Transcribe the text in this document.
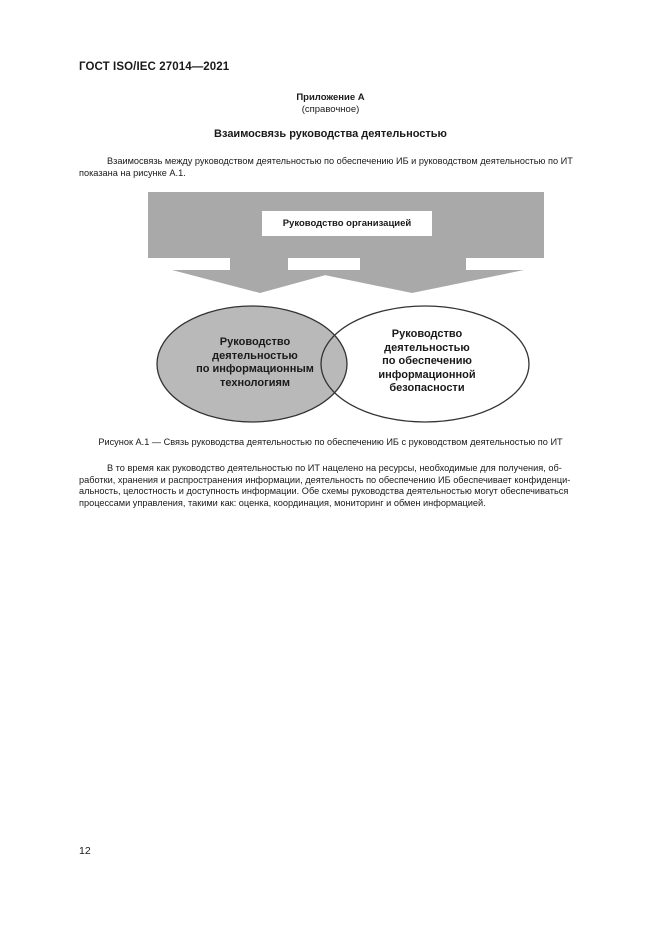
ГОСТ ISO/IEC 27014—2021
Приложение А
(справочное)
Взаимосвязь руководства деятельностью
Взаимосвязь между руководством деятельностью по обеспечению ИБ и руководством деятельностью по ИТ
показана на рисунке А.1.
Руководство организацией
Руководство
деятельностью
по информационным
технологиям
Руководство
деятельностью
по обеспечению
информационной
безопасности
Рисунок А.1 — Связь руководства деятельностью по обеспечению ИБ с руководством деятельностью по ИТ
В то время как руководство деятельностью по ИТ нацелено на ресурсы, необходимые для получения, об-
работки, хранения и распространения информации, деятельность по обеспечению ИБ обеспечивает конфиденци-
альность, целостность и доступность информации. Обе схемы руководства деятельностью могут обеспечиваться
процессами управления, такими как: оценка, координация, мониторинг и обмен информацией.
12
